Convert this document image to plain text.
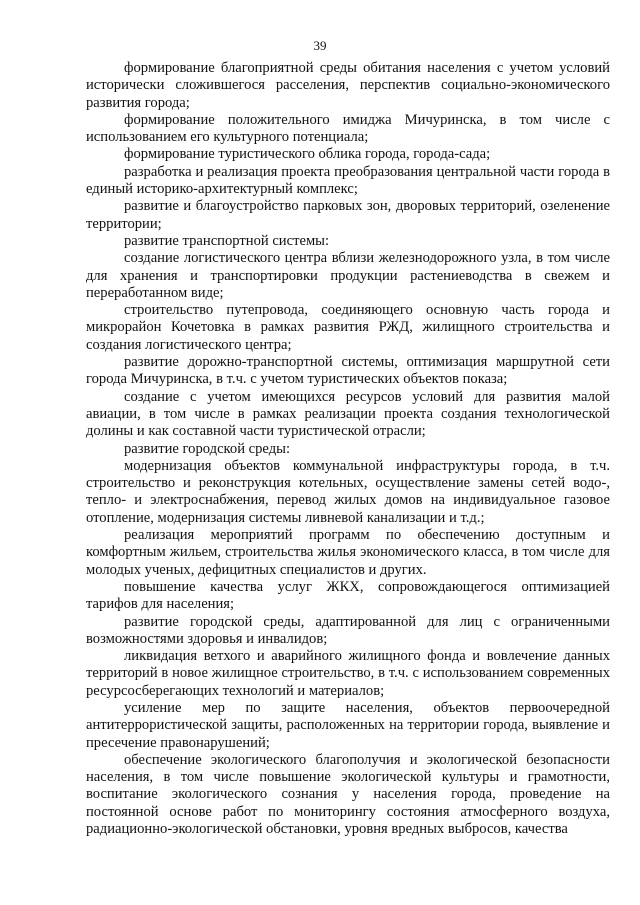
39

формирование благоприятной среды обитания населения с учетом условий исторически сложившегося расселения, перспектив социально-экономического развития города;

формирование положительного имиджа Мичуринска, в том числе с использованием его культурного потенциала;

формирование туристического облика города, города-сада;

разработка и реализация проекта преобразования центральной части города в единый историко-архитектурный комплекс;

развитие и благоустройство парковых зон, дворовых территорий, озеленение территории;

развитие транспортной системы:

создание логистического центра вблизи железнодорожного узла, в том числе для хранения и транспортировки продукции растениеводства в свежем и переработанном виде;

строительство путепровода, соединяющего основную часть города и микрорайон Кочетовка в рамках развития РЖД, жилищного строительства и создания логистического центра;

развитие дорожно-транспортной системы, оптимизация маршрутной сети города Мичуринска, в т.ч. с учетом туристических объектов показа;

создание с учетом имеющихся ресурсов условий для развития малой авиации, в том числе в рамках реализации проекта создания технологической долины и как составной части туристической отрасли;

развитие городской среды:

модернизация объектов коммунальной инфраструктуры города, в т.ч. строительство и реконструкция котельных, осуществление замены сетей водо-, тепло- и электроснабжения, перевод жилых домов на индивидуальное газовое отопление, модернизация системы ливневой канализации и т.д.;

реализация мероприятий программ по обеспечению доступным и комфортным жильем, строительства жилья экономического класса, в том числе для молодых ученых, дефицитных специалистов и других.

повышение качества услуг ЖКХ, сопровождающегося оптимизацией тарифов для населения;

развитие городской среды, адаптированной для лиц с ограниченными возможностями здоровья и инвалидов;

ликвидация ветхого и аварийного жилищного фонда и вовлечение данных территорий в новое жилищное строительство, в т.ч. с использованием современных ресурсосберегающих технологий и материалов;

усиление мер по защите населения, объектов первоочередной антитеррористической защиты, расположенных на территории города, выявление и пресечение правонарушений;

обеспечение экологического благополучия и экологической безопасности населения, в том числе повышение экологической культуры и грамотности, воспитание экологического сознания у населения города, проведение на постоянной основе работ по мониторингу состояния атмосферного воздуха, радиационно-экологической обстановки, уровня вредных выбросов, качества
